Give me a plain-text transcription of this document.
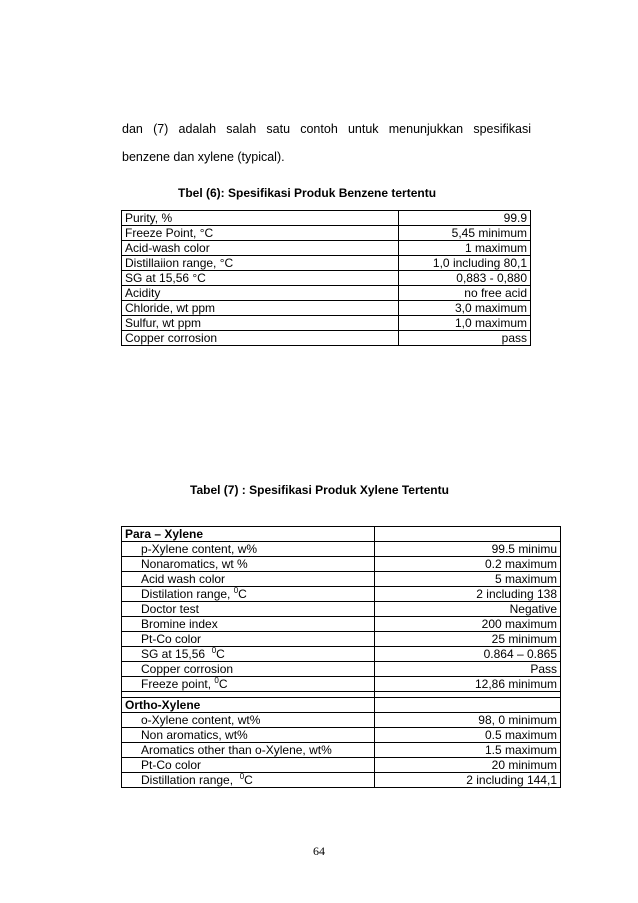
dan (7) adalah salah satu contoh untuk menunjukkan spesifikasi

benzene dan xylene (typical).

Tbel (6): Spesifikasi Produk Benzene tertentu
Purity, %	99.9
Freeze Point, °C	5,45 minimum
Acid-wash color	1 maximum
Distillaiion range, °C	1,0 including 80,1
SG at 15,56 °C	0,883 - 0,880
Acidity	no free acid
Chloride, wt ppm	3,0 maximum
Sulfur, wt ppm	1,0 maximum
Copper corrosion	pass
Tabel (7) : Spesifikasi Produk Xylene Tertentu
Para – Xylene	
p-Xylene content, w%	99.5 minimu
Nonaromatics, wt %	0.2 maximum
Acid wash color	5 maximum
Distilation range, $^0$C	2 including 138
Doctor test	Negative
Bromine index	200 maximum
Pt-Co color	25 minimum
SG at 15,56  $^0$C	0.864 – 0.865
Copper corrosion	Pass
Freeze point, $^0$C	12,86 minimum

Ortho-Xylene	
o-Xylene content, wt%	98, 0 minimum
Non aromatics, wt%	0.5 maximum
Aromatics other than o-Xylene, wt%	1.5 maximum
Pt-Co color	20 minimum
Distillation range,  $^0$C	2 including 144,1
64
